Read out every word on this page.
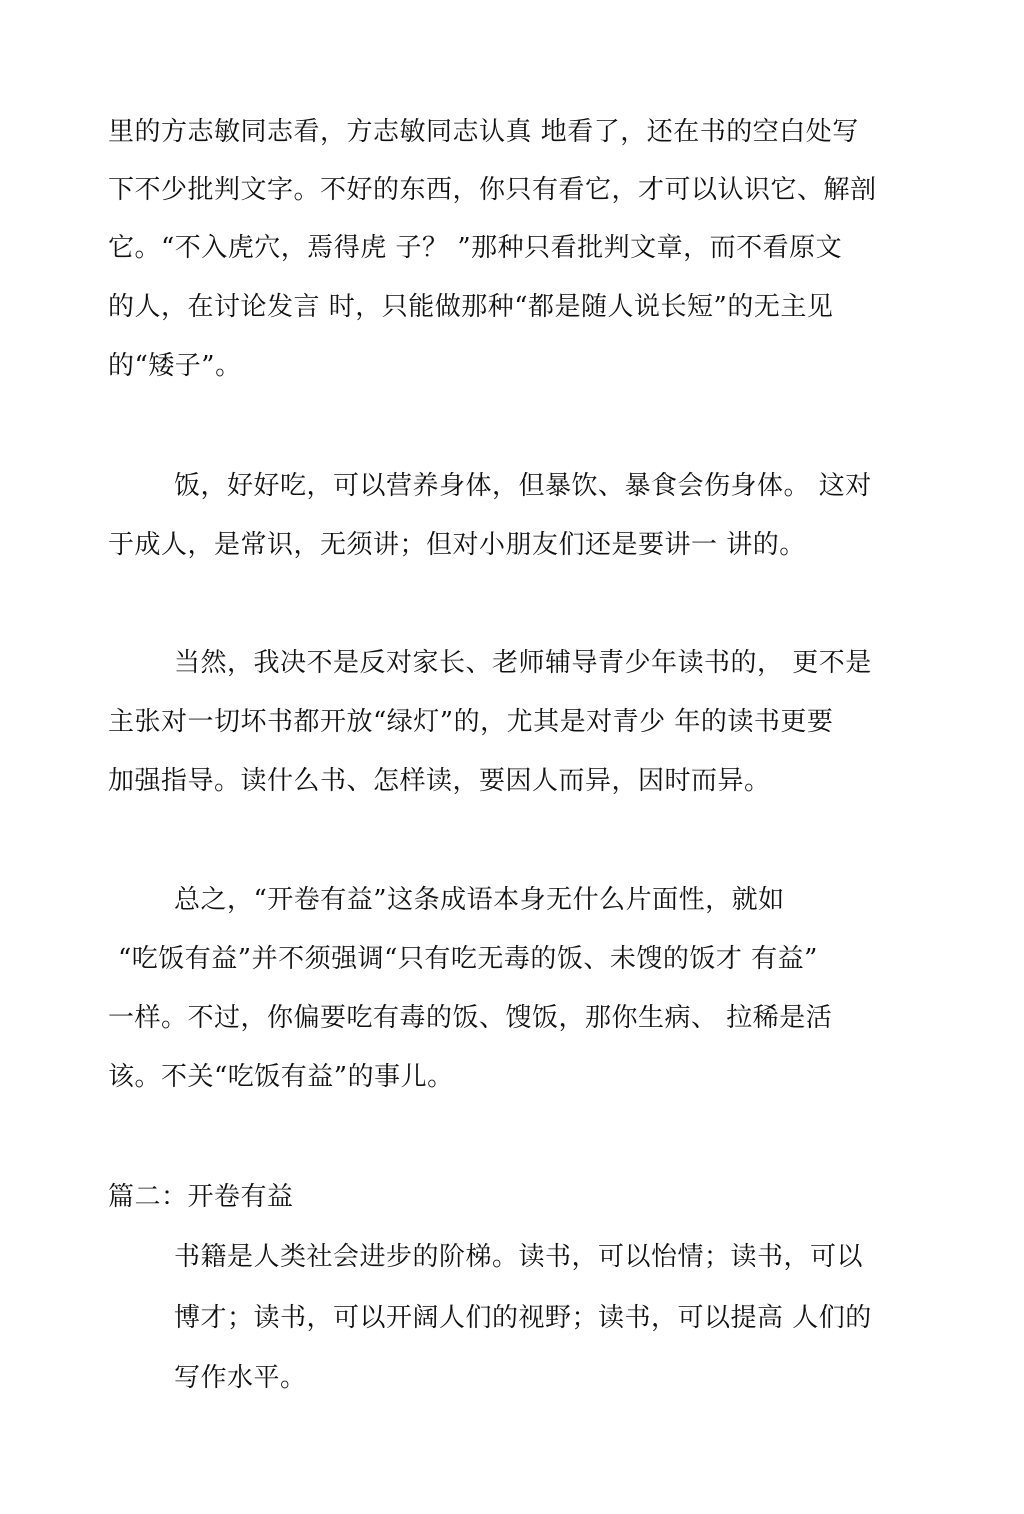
里的方志敏同志看，方志敏同志认真 地看了，还在书的空白处写
下不少批判文字。不好的东西，你只有看它，才可以认识它、解剖
它。“不入虎穴，焉得虎 子？ ”那种只看批判文章，而不看原文
的人，在讨论发言 时，只能做那种“都是随人说长短”的无主见
的“矮子”。
饭，好好吃，可以营养身体，但暴饮、暴食会伤身体。 这对
于成人，是常识，无须讲；但对小朋友们还是要讲一 讲的。
当然，我决不是反对家长、老师辅导青少年读书的， 更不是
主张对一切坏书都开放“绿灯”的，尤其是对青少 年的读书更要
加强指导。读什么书、怎样读，要因人而异，因时而异。
总之，“开卷有益”这条成语本身无什么片面性，就如
“吃饭有益”并不须强调“只有吃无毒的饭、未馊的饭才 有益”
一样。不过，你偏要吃有毒的饭、馊饭，那你生病、 拉稀是活
该。不关“吃饭有益”的事儿。
篇二：开卷有益
书籍是人类社会进步的阶梯。读书，可以怡情；读书，可以
博才；读书，可以开阔人们的视野；读书，可以提高 人们的
写作水平。
